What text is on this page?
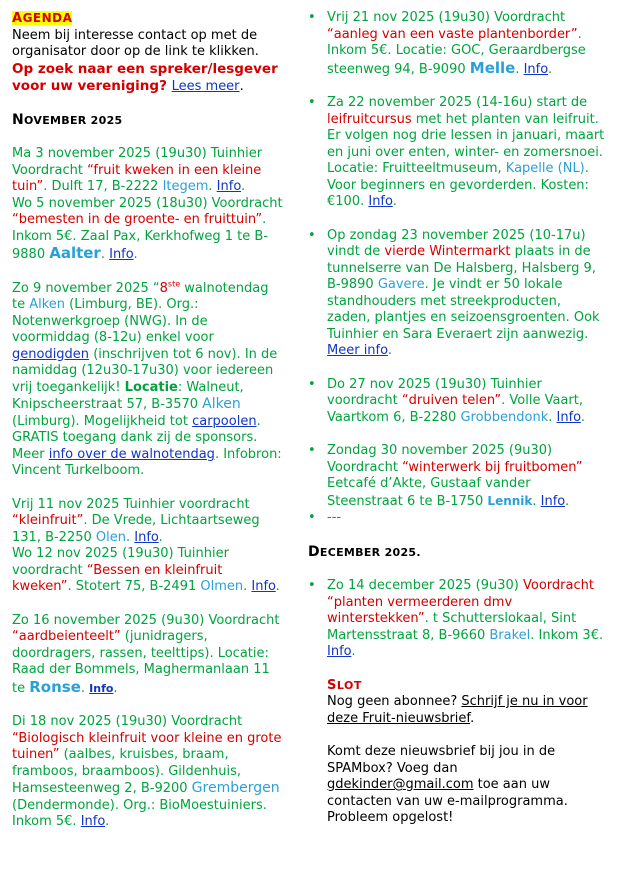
AGENDA

Neem bij interesse contact op met de organisator door op de link te klikken.

Op zoek naar een spreker/lesgever voor uw vereniging? Lees meer.

NOVEMBER 2025

Ma 3 november 2025 (19u30) Tuinhier Voordracht “fruit kweken in een kleine tuin”. Dulft 17, B-2222 Itegem. Info.

Wo 5 november 2025 (18u30) Voordracht “bemesten in de groente- en fruittuin”. Inkom 5€. Zaal Pax, Kerkhofweg 1 te B-9880 Aalter. Info.

Zo 9 november 2025 “8ste walnotendag te Alken (Limburg, BE). Org.: Notenwerkgroep (NWG). In de voormiddag (8-12u) enkel voor genodigden (inschrijven tot 6 nov). In de namiddag (12u30-17u30) voor iedereen vrij toegankelijk! Locatie: Walneut, Knipscheerstraat 57, B-3570 Alken (Limburg). Mogelijkheid tot carpoolen. GRATIS toegang dank zij de sponsors. Meer info over de walnotendag. Infobron: Vincent Turkelboom.

Vrij 11 nov 2025 Tuinhier voordracht “kleinfruit”. De Vrede, Lichtaartseweg 131, B-2250 Olen. Info.

Wo 12 nov 2025 (19u30) Tuinhier voordracht “Bessen en kleinfruit kweken”. Stotert 75, B-2491 Olmen. Info.

Zo 16 november 2025 (9u30) Voordracht “aardbeienteelt” (junidragers, doordragers, rassen, teelttips). Locatie: Raad der Bommels, Maghermanlaan 11 te Ronse. Info.

Di 18 nov 2025 (19u30) Voordracht “Biologisch kleinfruit voor kleine en grote tuinen” (aalbes, kruisbes, braam, framboos, braamboos). Gildenhuis, Hamsesteenweg 2, B-9200 Grembergen (Dendermonde). Org.: BioMoestuiniers. Inkom 5€. Info.

• Vrij 21 nov 2025 (19u30) Voordracht “aanleg van een vaste plantenborder”. Inkom 5€. Locatie: GOC, Geraardbergse steenweg 94, B-9090 Melle. Info.
• Za 22 november 2025 (14-16u) start de leifruitcursus met het planten van leifruit. Er volgen nog drie lessen in januari, maart en juni over enten, winter- en zomersnoei. Locatie: Fruitteeltmuseum, Kapelle (NL). Voor beginners en gevorderden. Kosten: €100. Info.
• Op zondag 23 november 2025 (10-17u) vindt de vierde Wintermarkt plaats in de tunnelserre van De Halsberg, Halsberg 9, B-9890 Gavere. Je vindt er 50 lokale standhouders met streekproducten, zaden, plantjes en seizoensgroenten. Ook Tuinhier en Sara Everaert zijn aanwezig. Meer info.
• Do 27 nov 2025 (19u30) Tuinhier voordracht “druiven telen”. Volle Vaart, Vaartkom 6, B-2280 Grobbendonk. Info.
• Zondag 30 november 2025 (9u30) Voordracht “winterwerk bij fruitbomen” Eetcafé d’Akte, Gustaaf vander Steenstraat 6 te B-1750 Lennik. Info.
• ---

DECEMBER 2025.

• Zo 14 december 2025 (9u30) Voordracht “planten vermeerderen dmv winterstekken”. t Schutterslokaal, Sint Martensstraat 8, B-9660 Brakel. Inkom 3€. Info.

SLOT

Nog geen abonnee? Schrijf je nu in voor deze Fruit-nieuwsbrief.

Komt deze nieuwsbrief bij jou in de SPAMbox? Voeg dan gdekinder@gmail.com toe aan uw contacten van uw e-mailprogramma. Probleem opgelost!
